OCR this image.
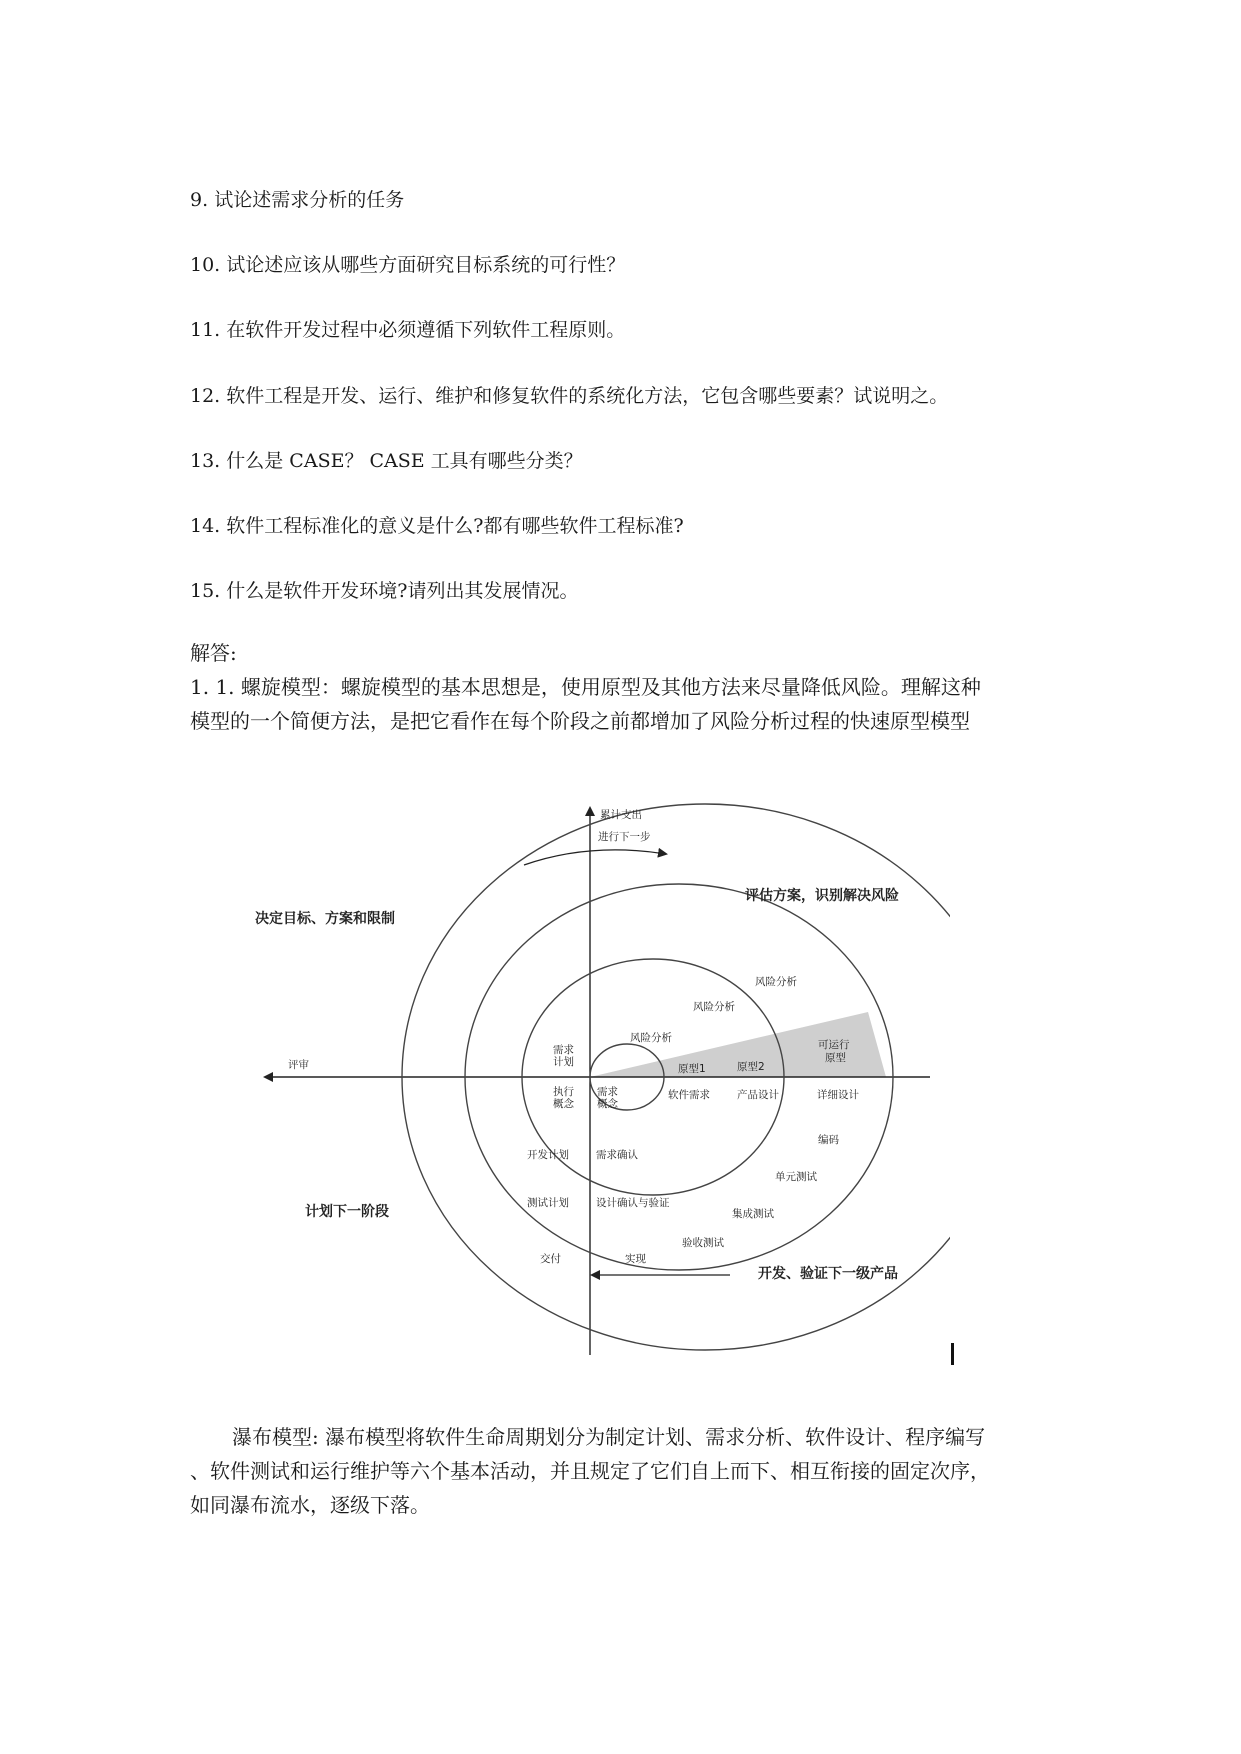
9. 试论述需求分析的任务
10. 试论述应该从哪些方面研究目标系统的可行性？
11. 在软件开发过程中必须遵循下列软件工程原则。
12. 软件工程是开发、运行、维护和修复软件的系统化方法，它包含哪些要素？试说明之。
13. 什么是 CASE？ CASE 工具有哪些分类？
14. 软件工程标准化的意义是什么?都有哪些软件工程标准?
15. 什么是软件开发环境?请列出其发展情况。
解答:
1. 1. 螺旋模型：螺旋模型的基本思想是，使用原型及其他方法来尽量降低风险。理解这种
模型的一个简便方法，是把它看作在每个阶段之前都增加了风险分析过程的快速原型模型
累计支出
进行下一步
评估方案，识别解决风险
决定目标、方案和限制
计划下一阶段
开发、验证下一级产品
评审
风险分析
风险分析
风险分析
需求
计划
执行
概念
需求
概念
原型1	原型2
可运行
原型
软件需求	产品设计	详细设计
编码
单元测试
集成测试
验收测试
开发计划	需求确认
测试计划	设计确认与验证
交付	实现
瀑布模型: 瀑布模型将软件生命周期划分为制定计划、需求分析、软件设计、程序编写
、软件测试和运行维护等六个基本活动，并且规定了它们自上而下、相互衔接的固定次序，
如同瀑布流水，逐级下落。
